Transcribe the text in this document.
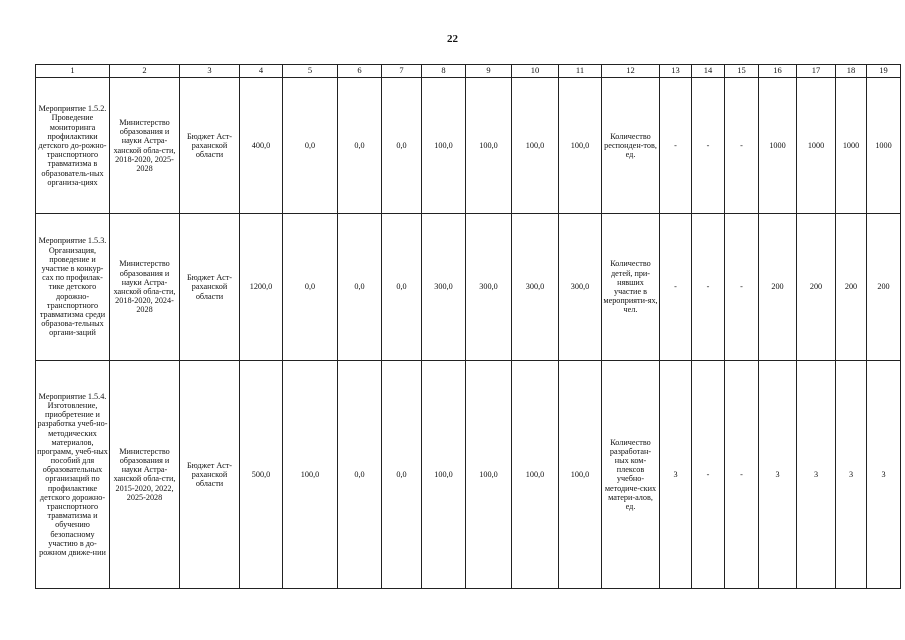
22
1	2	3	4	5	6	7	8	9	10	11	12	13	14	15	16	17	18	19
Мероприятие 1.5.2. Проведение мониторинга профилактики детского до-рожно-транспортного травматизма в образователь-ных организа-циях	Министерство образования и науки Астра-ханской обла-сти, 2018-2020, 2025-2028	Бюджет Аст-раханской области	400,0	0,0	0,0	0,0	100,0	100,0	100,0	100,0	Количество респонден-тов, ед.	-	-	-	1000	1000	1000	1000
Мероприятие 1.5.3. Организация, проведение и участие в конкур-сах по профилак-тике детского дорожно-транспортного травматизма среди образова-тельных органи-заций	Министерство образования и науки Астра-ханской обла-сти, 2018-2020, 2024-2028	Бюджет Аст-раханской области	1200,0	0,0	0,0	0,0	300,0	300,0	300,0	300,0	Количество детей, при-нявших участие в мероприяти-ях, чел.	-	-	-	200	200	200	200
Мероприятие 1.5.4. Изготовление, приобретение и разработка учеб-но-методических материалов, программ, учеб-ных пособий для образовательных организаций по профилактике детского дорожно-транспортного травматизма и обучению безопасному участию в до-рожном движе-нии	Министерство образования и науки Астра-ханской обла-сти, 2015-2020, 2022, 2025-2028	Бюджет Аст-раханской области	500,0	100,0	0,0	0,0	100,0	100,0	100,0	100,0	Количество разработан-ных ком-плексов учебно-методиче-ских матери-алов, ед.	3	-	-	3	3	3	3
